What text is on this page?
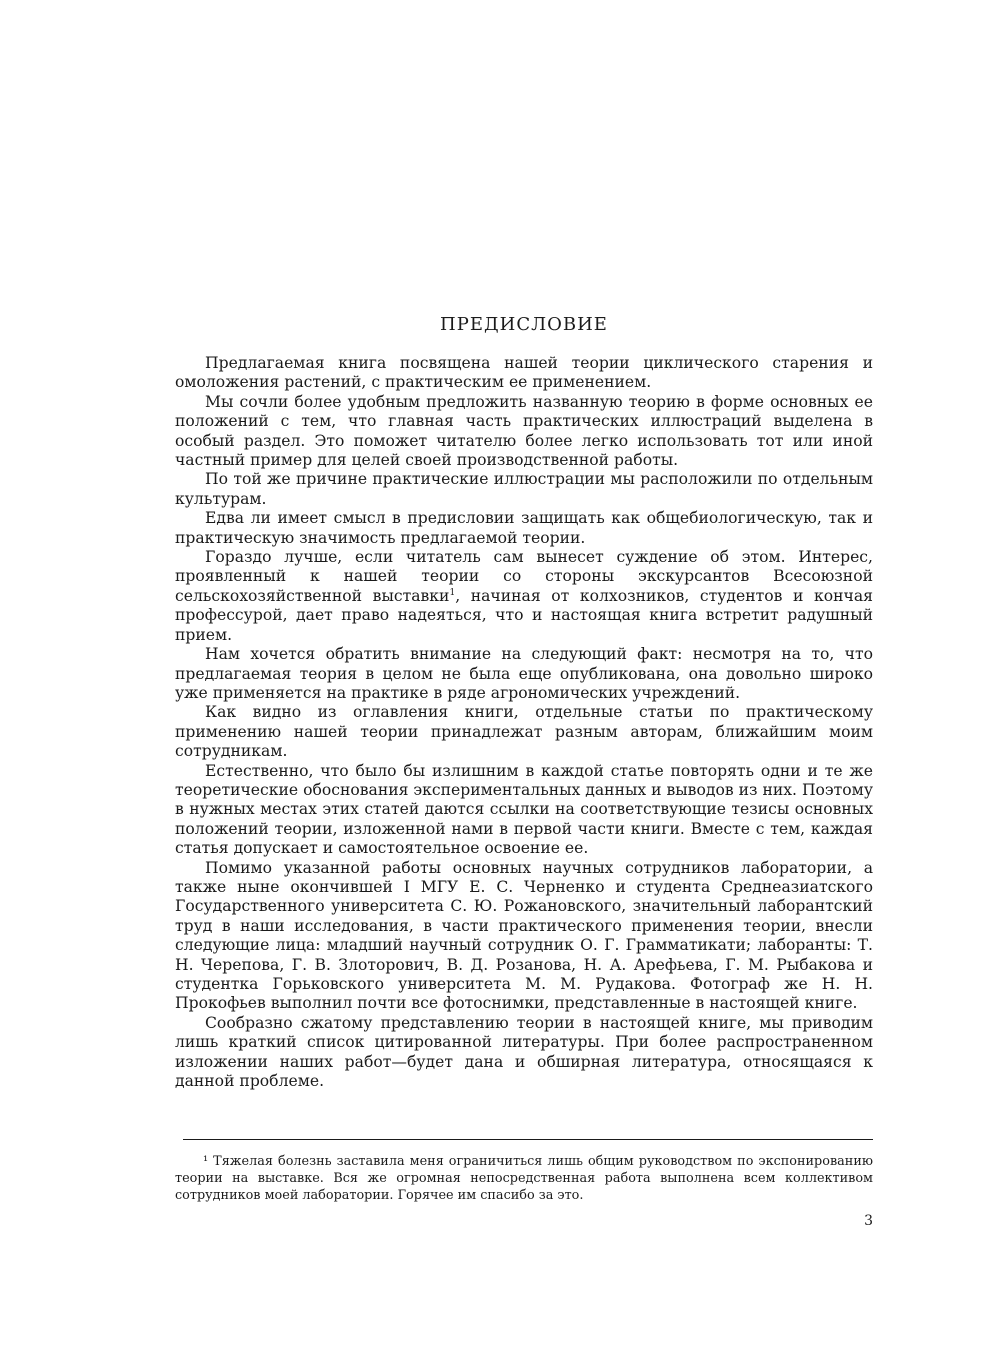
ПРЕДИСЛОВИЕ

Предлагаемая книга посвящена нашей теории циклического старения и омоложения растений, с практическим ее применением.

Мы сочли более удобным предложить названную теорию в форме основных ее положений с тем, что главная часть практических иллюстраций выделена в особый раздел. Это поможет читателю более легко использовать тот или иной частный пример для целей своей производственной работы.

По той же причине практические иллюстрации мы расположили по отдельным культурам.

Едва ли имеет смысл в предисловии защищать как общебиологическую, так и практическую значимость предлагаемой теории.

Гораздо лучше, если читатель сам вынесет суждение об этом. Интерес, проявленный к нашей теории со стороны экскурсантов Всесоюзной сельскохозяйственной выставки$^1$, начиная от колхозников, студентов и кончая профессурой, дает право надеяться, что и настоящая книга встретит радушный прием.

Нам хочется обратить внимание на следующий факт: несмотря на то, что предлагаемая теория в целом не была еще опубликована, она довольно широко уже применяется на практике в ряде агрономических учреждений.

Как видно из оглавления книги, отдельные статьи по практическому применению нашей теории принадлежат разным авторам, ближайшим моим сотрудникам.

Естественно, что было бы излишним в каждой статье повторять одни и те же теоретические обоснования экспериментальных данных и выводов из них. Поэтому в нужных местах этих статей даются ссылки на соответствующие тезисы основных положений теории, изложенной нами в первой части книги. Вместе с тем, каждая статья допускает и самостоятельное освоение ее.

Помимо указанной работы основных научных сотрудников лаборатории, а также ныне окончившей I МГУ Е. С. Черненко и студента Среднеазиатского Государственного университета С. Ю. Рожановского, значительный лаборантский труд в наши исследования, в части практического применения теории, внесли следующие лица: младший научный сотрудник О. Г. Грамматикати; лаборанты: Т. Н. Черепова, Г. В. Злоторович, В. Д. Розанова, Н. А. Арефьева, Г. М. Рыбакова и студентка Горьковского университета М. М. Рудакова. Фотограф же Н. Н. Прокофьев выполнил почти все фотоснимки, представленные в настоящей книге.

Сообразно сжатому представлению теории в настоящей книге, мы приводим лишь краткий список цитированной литературы. При более распространенном изложении наших работ—будет дана и обширная литература, относящаяся к данной проблеме.

¹ Тяжелая болезнь заставила меня ограничиться лишь общим руководством по экспонированию теории на выставке. Вся же огромная непосредственная работа выполнена всем коллективом сотрудников моей лаборатории. Горячее им спасибо за это.

3
